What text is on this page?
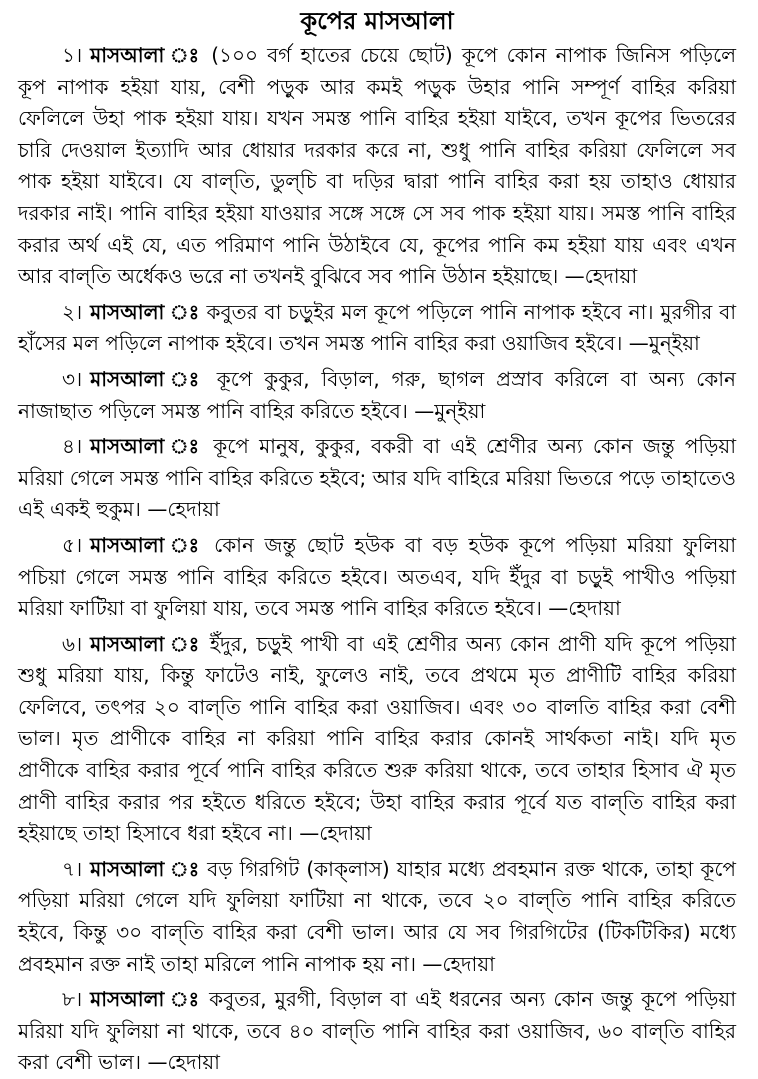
কূপের মাসআলা

১। মাসআলা ঃ (১০০ বর্গ হাতের চেয়ে ছোট) কূপে কোন নাপাক জিনিস পড়িলে কূপ নাপাক হইয়া যায়, বেশী পড়ুক আর কমই পড়ুক উহার পানি সম্পূর্ণ বাহির করিয়া ফেলিলে উহা পাক হইয়া যায়। যখন সমস্ত পানি বাহির হইয়া যাইবে, তখন কূপের ভিতরের চারি দেওয়াল ইত্যাদি আর ধোয়ার দরকার করে না, শুধু পানি বাহির করিয়া ফেলিলে সব পাক হইয়া যাইবে। যে বাল্‌তি, ডুল্‌চি বা দড়ির দ্বারা পানি বাহির করা হয় তাহাও ধোয়ার দরকার নাই। পানি বাহির হইয়া যাওয়ার সঙ্গে সঙ্গে সে সব পাক হইয়া যায়। সমস্ত পানি বাহির করার অর্থ এই যে, এত পরিমাণ পানি উঠাইবে যে, কূপের পানি কম হইয়া যায় এবং এখন আর বাল্‌তি অর্ধেকও ভরে না তখনই বুঝিবে সব পানি উঠান হইয়াছে। —হেদায়া

২। মাসআলা ঃ কবুতর বা চড়ুইর মল কূপে পড়িলে পানি নাপাক হইবে না। মুরগীর বা হাঁসের মল পড়িলে নাপাক হইবে। তখন সমস্ত পানি বাহির করা ওয়াজিব হইবে। —মুন্‌ইয়া

৩। মাসআলা ঃ কূপে কুকুর, বিড়াল, গরু, ছাগল প্রস্রাব করিলে বা অন্য কোন নাজাছাত পড়িলে সমস্ত পানি বাহির করিতে হইবে। —মুন্‌ইয়া

৪। মাসআলা ঃ কূপে মানুষ, কুকুর, বকরী বা এই শ্রেণীর অন্য কোন জন্তু পড়িয়া মরিয়া গেলে সমস্ত পানি বাহির করিতে হইবে; আর যদি বাহিরে মরিয়া ভিতরে পড়ে তাহাতেও এই একই হুকুম। —হেদায়া

৫। মাসআলা ঃ কোন জন্তু ছোট হউক বা বড় হউক কূপে পড়িয়া মরিয়া ফুলিয়া পচিয়া গেলে সমস্ত পানি বাহির করিতে হইবে। অতএব, যদি ইঁদুর বা চড়ুই পাখীও পড়িয়া মরিয়া ফাটিয়া বা ফুলিয়া যায়, তবে সমস্ত পানি বাহির করিতে হইবে। —হেদায়া

৬। মাসআলা ঃ ইঁদুর, চড়ুই পাখী বা এই শ্রেণীর অন্য কোন প্রাণী যদি কূপে পড়িয়া শুধু মরিয়া যায়, কিন্তু ফাটেও নাই, ফুলেও নাই, তবে প্রথমে মৃত প্রাণীটি বাহির করিয়া ফেলিবে, তৎপর ২০ বাল্‌তি পানি বাহির করা ওয়াজিব। এবং ৩০ বালতি বাহির করা বেশী ভাল। মৃত প্রাণীকে বাহির না করিয়া পানি বাহির করার কোনই সার্থকতা নাই। যদি মৃত প্রাণীকে বাহির করার পূর্বে পানি বাহির করিতে শুরু করিয়া থাকে, তবে তাহার হিসাব ঐ মৃত প্রাণী বাহির করার পর হইতে ধরিতে হইবে; উহা বাহির করার পূর্বে যত বাল্‌তি বাহির করা হইয়াছে তাহা হিসাবে ধরা হইবে না। —হেদায়া

৭। মাসআলা ঃ বড় গিরগিট (কাক্‌লাস) যাহার মধ্যে প্রবহমান রক্ত থাকে, তাহা কূপে পড়িয়া মরিয়া গেলে যদি ফুলিয়া ফাটিয়া না থাকে, তবে ২০ বাল্‌তি পানি বাহির করিতে হইবে, কিন্তু ৩০ বাল্‌তি বাহির করা বেশী ভাল। আর যে সব গিরগিটের (টিকটিকির) মধ্যে প্রবহমান রক্ত নাই তাহা মরিলে পানি নাপাক হয় না। —হেদায়া

৮। মাসআলা ঃ কবুতর, মুরগী, বিড়াল বা এই ধরনের অন্য কোন জন্তু কূপে পড়িয়া মরিয়া যদি ফুলিয়া না থাকে, তবে ৪০ বাল্‌তি পানি বাহির করা ওয়াজিব, ৬০ বাল্‌তি বাহির করা বেশী ভাল। —হেদায়া
